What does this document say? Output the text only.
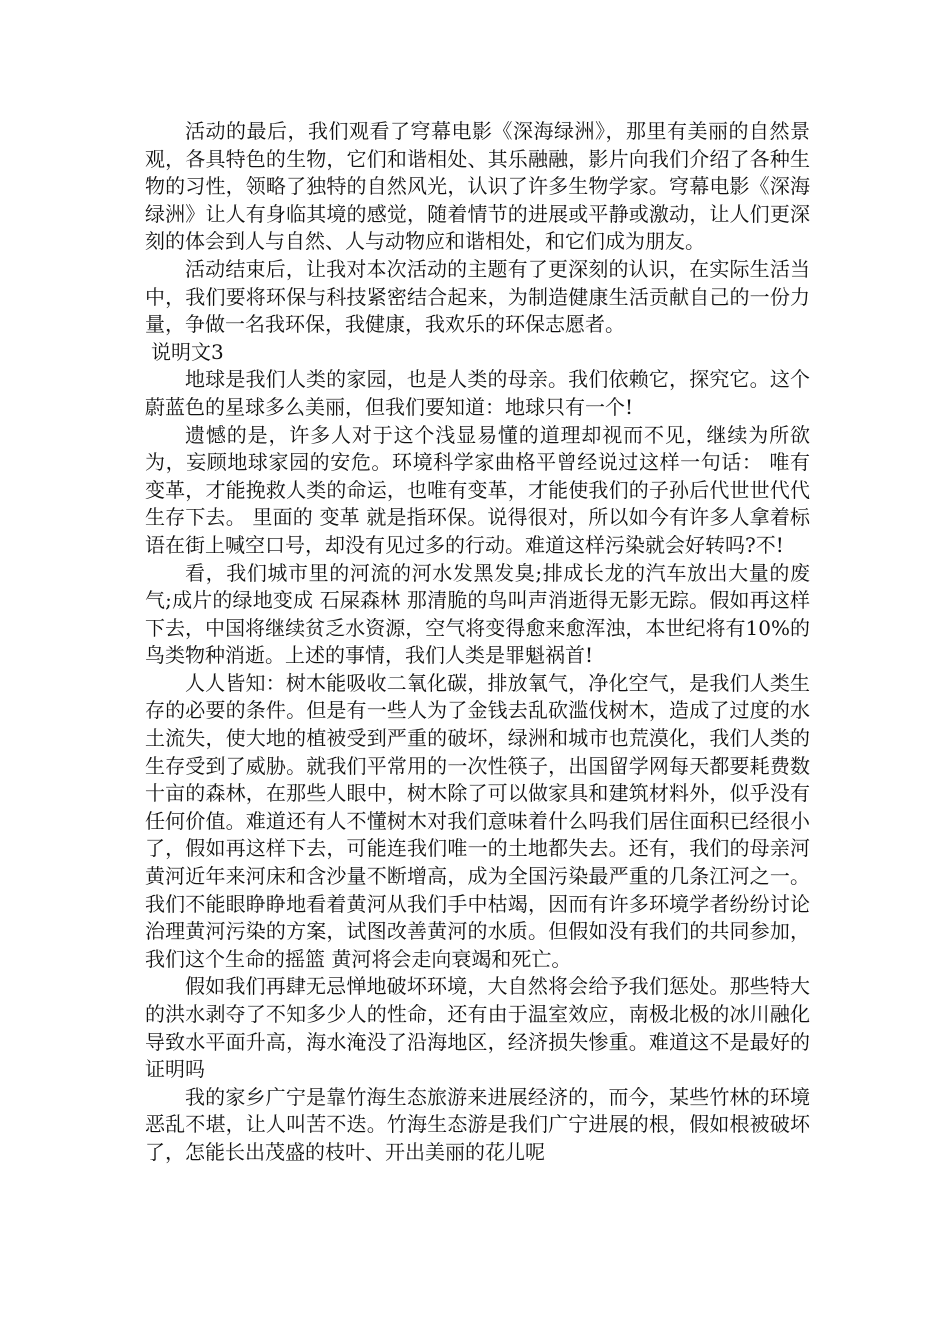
活动的最后，我们观看了穹幕电影《深海绿洲》，那里有美丽的自然景观，各具特色的生物，它们和谐相处、其乐融融，影片向我们介绍了各种生物的习性，领略了独特的自然风光，认识了许多生物学家。穹幕电影《深海绿洲》让人有身临其境的感觉，随着情节的进展或平静或激动，让人们更深刻的体会到人与自然、人与动物应和谐相处，和它们成为朋友。

活动结束后，让我对本次活动的主题有了更深刻的认识，在实际生活当中，我们要将环保与科技紧密结合起来，为制造健康生活贡献自己的一份力量，争做一名我环保，我健康，我欢乐的环保志愿者。

说明文3

地球是我们人类的家园，也是人类的母亲。我们依赖它，探究它。这个蔚蓝色的星球多么美丽，但我们要知道：地球只有一个!

遗憾的是，许多人对于这个浅显易懂的道理却视而不见，继续为所欲为，妄顾地球家园的安危。环境科学家曲格平曾经说过这样一句话： 唯有变革，才能挽救人类的命运，也唯有变革，才能使我们的子孙后代世世代代生存下去。 里面的 变革 就是指环保。说得很对，所以如今有许多人拿着标语在街上喊空口号，却没有见过多的行动。难道这样污染就会好转吗?不!

看，我们城市里的河流的河水发黑发臭;排成长龙的汽车放出大量的废气;成片的绿地变成 石屎森林 那清脆的鸟叫声消逝得无影无踪。假如再这样下去，中国将继续贫乏水资源，空气将变得愈来愈浑浊，本世纪将有10%的鸟类物种消逝。上述的事情，我们人类是罪魁祸首!

人人皆知：树木能吸收二氧化碳，排放氧气，净化空气，是我们人类生存的必要的条件。但是有一些人为了金钱去乱砍滥伐树木，造成了过度的水土流失，使大地的植被受到严重的破坏，绿洲和城市也荒漠化，我们人类的生存受到了威胁。就我们平常用的一次性筷子，出国留学网每天都要耗费数十亩的森林，在那些人眼中，树木除了可以做家具和建筑材料外，似乎没有任何价值。难道还有人不懂树木对我们意味着什么吗我们居住面积已经很小了，假如再这样下去，可能连我们唯一的土地都失去。还有，我们的母亲河 黄河近年来河床和含沙量不断增高，成为全国污染最严重的几条江河之一。我们不能眼睁睁地看着黄河从我们手中枯竭，因而有许多环境学者纷纷讨论治理黄河污染的方案，试图改善黄河的水质。但假如没有我们的共同参加，我们这个生命的摇篮 黄河将会走向衰竭和死亡。

假如我们再肆无忌惮地破坏环境，大自然将会给予我们惩处。那些特大的洪水剥夺了不知多少人的性命，还有由于温室效应，南极北极的冰川融化导致水平面升高，海水淹没了沿海地区，经济损失惨重。难道这不是最好的证明吗

我的家乡广宁是靠竹海生态旅游来进展经济的，而今，某些竹林的环境恶乱不堪，让人叫苦不迭。竹海生态游是我们广宁进展的根，假如根被破坏了，怎能长出茂盛的枝叶、开出美丽的花儿呢
